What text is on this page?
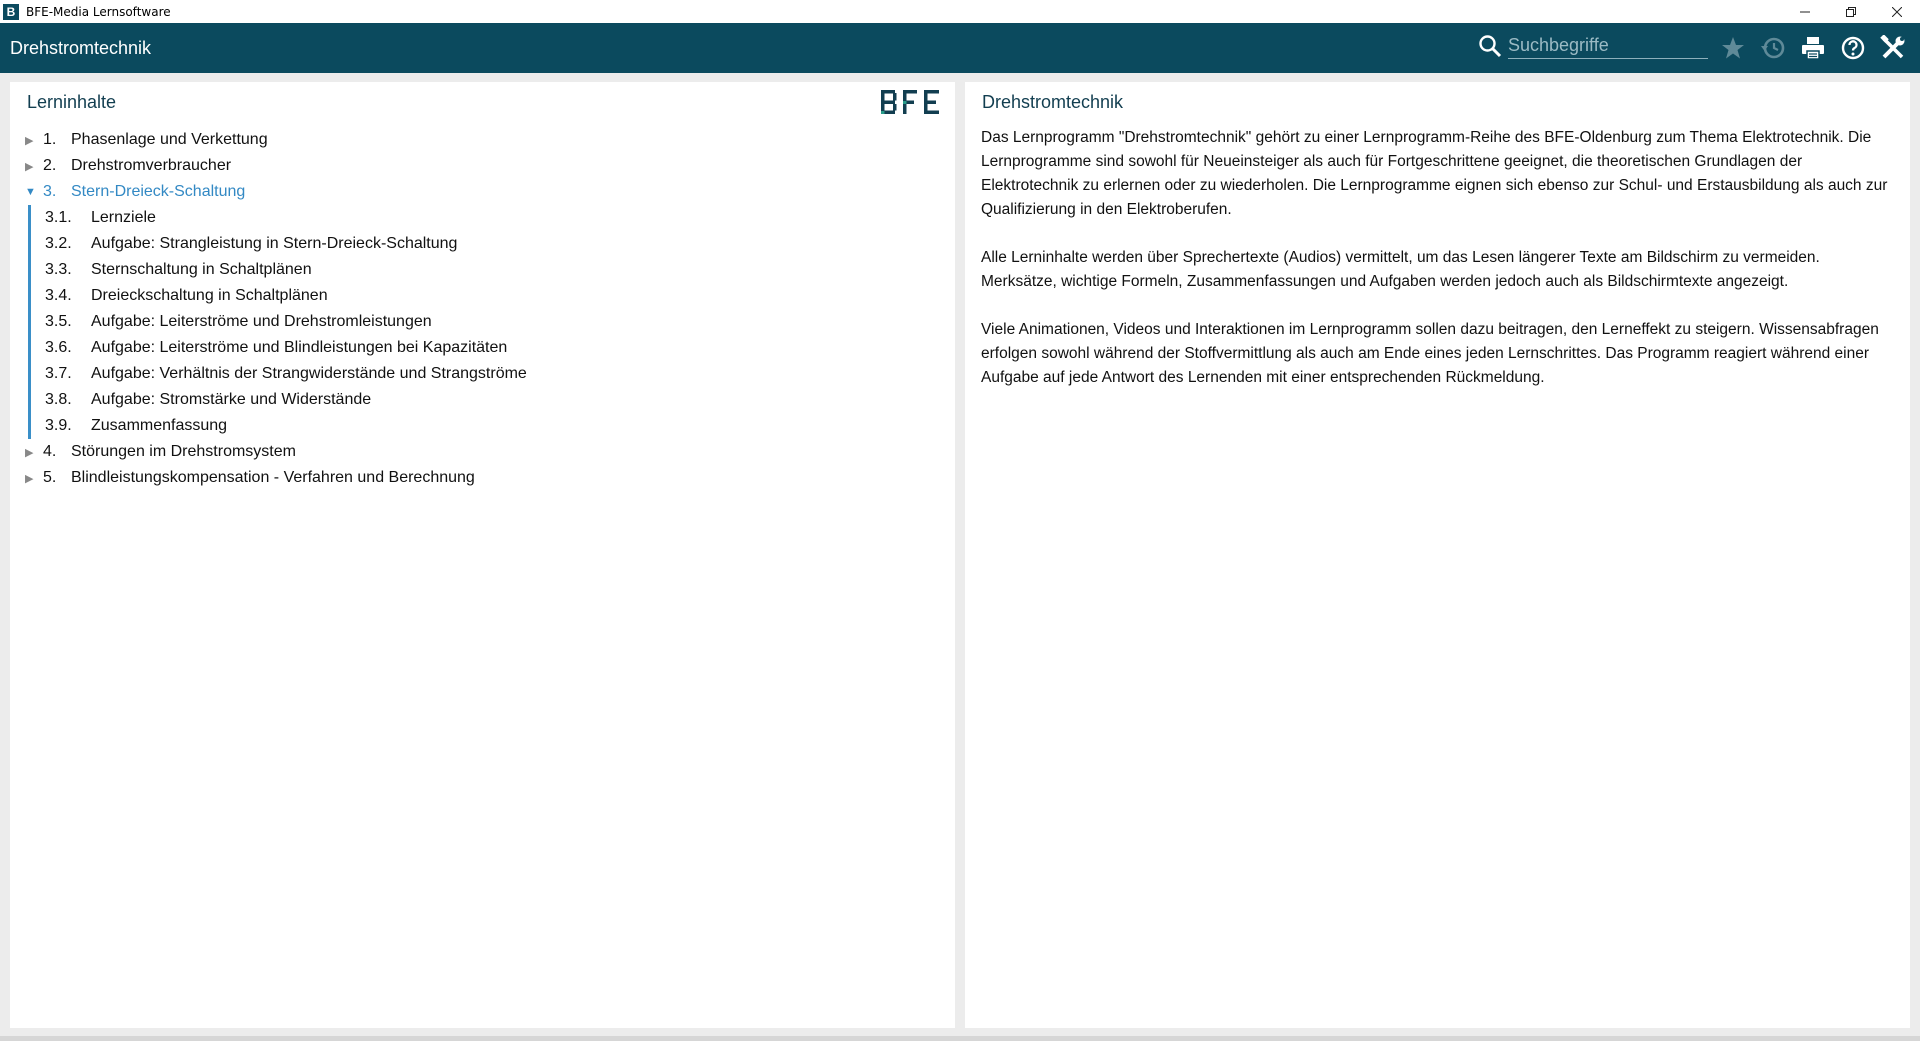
B BFE-Media Lernsoftware
Drehstromtechnik
Suchbegriffe
Lerninhalte
BFE
▶ 1. Phasenlage und Verkettung
▶ 2. Drehstromverbraucher
▼ 3. Stern-Dreieck-Schaltung
3.1.	Lernziele
3.2.	Aufgabe: Strangleistung in Stern-Dreieck-Schaltung
3.3.	Sternschaltung in Schaltplänen
3.4.	Dreieckschaltung in Schaltplänen
3.5.	Aufgabe: Leiterströme und Drehstromleistungen
3.6.	Aufgabe: Leiterströme und Blindleistungen bei Kapazitäten
3.7.	Aufgabe: Verhältnis der Strangwiderstände und Strangströme
3.8.	Aufgabe: Stromstärke und Widerstände
3.9.	Zusammenfassung
▶ 4. Störungen im Drehstromsystem
▶ 5. Blindleistungskompensation - Verfahren und Berechnung
Drehstromtechnik

Das Lernprogramm "Drehstromtechnik" gehört zu einer Lernprogramm-Reihe des BFE-Oldenburg zum Thema Elektrotechnik. Die Lernprogramme sind sowohl für Neueinsteiger als auch für Fortgeschrittene geeignet, die theoretischen Grundlagen der Elektrotechnik zu erlernen oder zu wiederholen. Die Lernprogramme eignen sich ebenso zur Schul- und Erstausbildung als auch zur Qualifizierung in den Elektroberufen.

Alle Lerninhalte werden über Sprechertexte (Audios) vermittelt, um das Lesen längerer Texte am Bildschirm zu vermeiden. Merksätze, wichtige Formeln, Zusammenfassungen und Aufgaben werden jedoch auch als Bildschirmtexte angezeigt.

Viele Animationen, Videos und Interaktionen im Lernprogramm sollen dazu beitragen, den Lerneffekt zu steigern. Wissensabfragen erfolgen sowohl während der Stoffvermittlung als auch am Ende eines jeden Lernschrittes. Das Programm reagiert während einer Aufgabe auf jede Antwort des Lernenden mit einer entsprechenden Rückmeldung.
